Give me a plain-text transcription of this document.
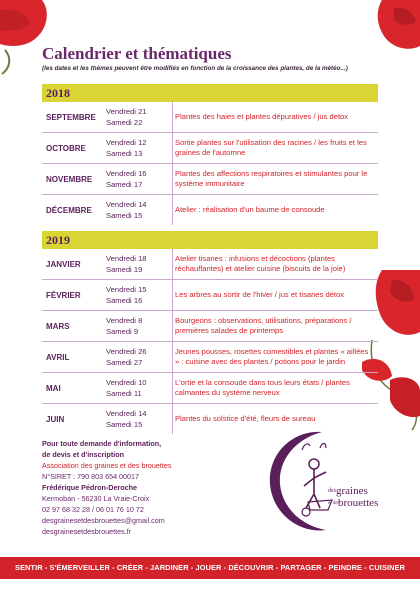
Calendrier et thématiques
(les dates et les thèmes peuvent être modifiés en fonction de la croissance des plantes, de la météo...)
2018
SEPTEMBRE
Vendredi 21
Samedi 22
Plantes des haies et plantes dépuratives / jus detox
OCTOBRE
Vendredi 12
Samedi 13
Sortie plantes sur l'utilisation des racines / les fruits et les graines de l'automne
NOVEMBRE
Vendredi 16
Samedi 17
Plantes des affections respiratoires et stimulantes pour le système immunitaire
DÉCEMBRE
Vendredi 14
Samedi 15
Atelier : réalisation d'un baume de consoude
2019
JANVIER
Vendredi 18
Samedi 19
Atelier tisanes : infusions et décoctions (plantes réchauffantes) et atelier cuisine (biscuits de la joie)
FÉVRIER
Vendredi 15
Samedi 16
Les arbres au sortir de l'hiver / jus et tisanes détox
MARS
Vendredi 8
Samedi 9
Bourgeons : observations, utilisations, préparations / premières salades de printemps
AVRIL
Vendredi 26
Samedi 27
Jeunes pousses, rosettes comestibles et plantes « aillées » : cuisine avec des plantes / potions pour le jardin
MAI
Vendredi 10
Samedi 11
L'ortie et la consoude dans tous leurs états / plantes calmantes du système nerveux
JUIN
Vendredi 14
Samedi 15
Plantes du solstice d'été, fleurs de sureau
Pour toute demande d'information,
de devis et d'inscription
Association des graines et des brouettes
N°SIRET : 790 803 654 00017
Frédérique Pédron-Deroche
Kermoban - 56230 La Vraie-Croix
02 97 68 32 28 / 06 01 76 10 72
desgrainesetdesbrouettes@gmail.com
desgrainesetdesbrouettes.fr
des graines
et des
brouettes
SENTIR - S'ÉMERVEILLER - CRÉER - JARDINER - JOUER - DÉCOUVRIR - PARTAGER - PEINDRE - CUISINER
